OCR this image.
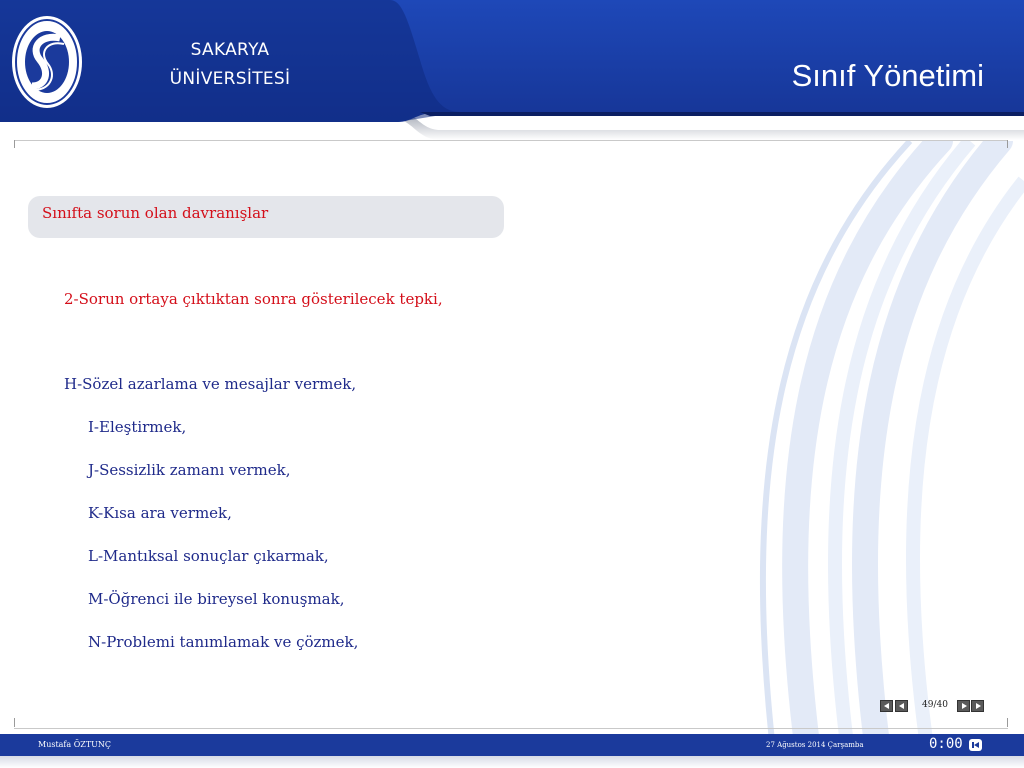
SAKARYA
ÜNİVERSİTESİ	Sınıf Yönetimi
Sınıfta sorun olan davranışlar
2-Sorun ortaya çıktıktan sonra gösterilecek tepki,
H-Sözel azarlama ve mesajlar vermek,
I-Eleştirmek,
J-Sessizlik zamanı vermek,
K-Kısa ara vermek,
L-Mantıksal sonuçlar çıkarmak,
M-Öğrenci ile bireysel konuşmak,
N-Problemi tanımlamak ve çözmek,
49/40
Mustafa ÖZTUNÇ	27 Ağustos 2014 Çarşamba	0:00
